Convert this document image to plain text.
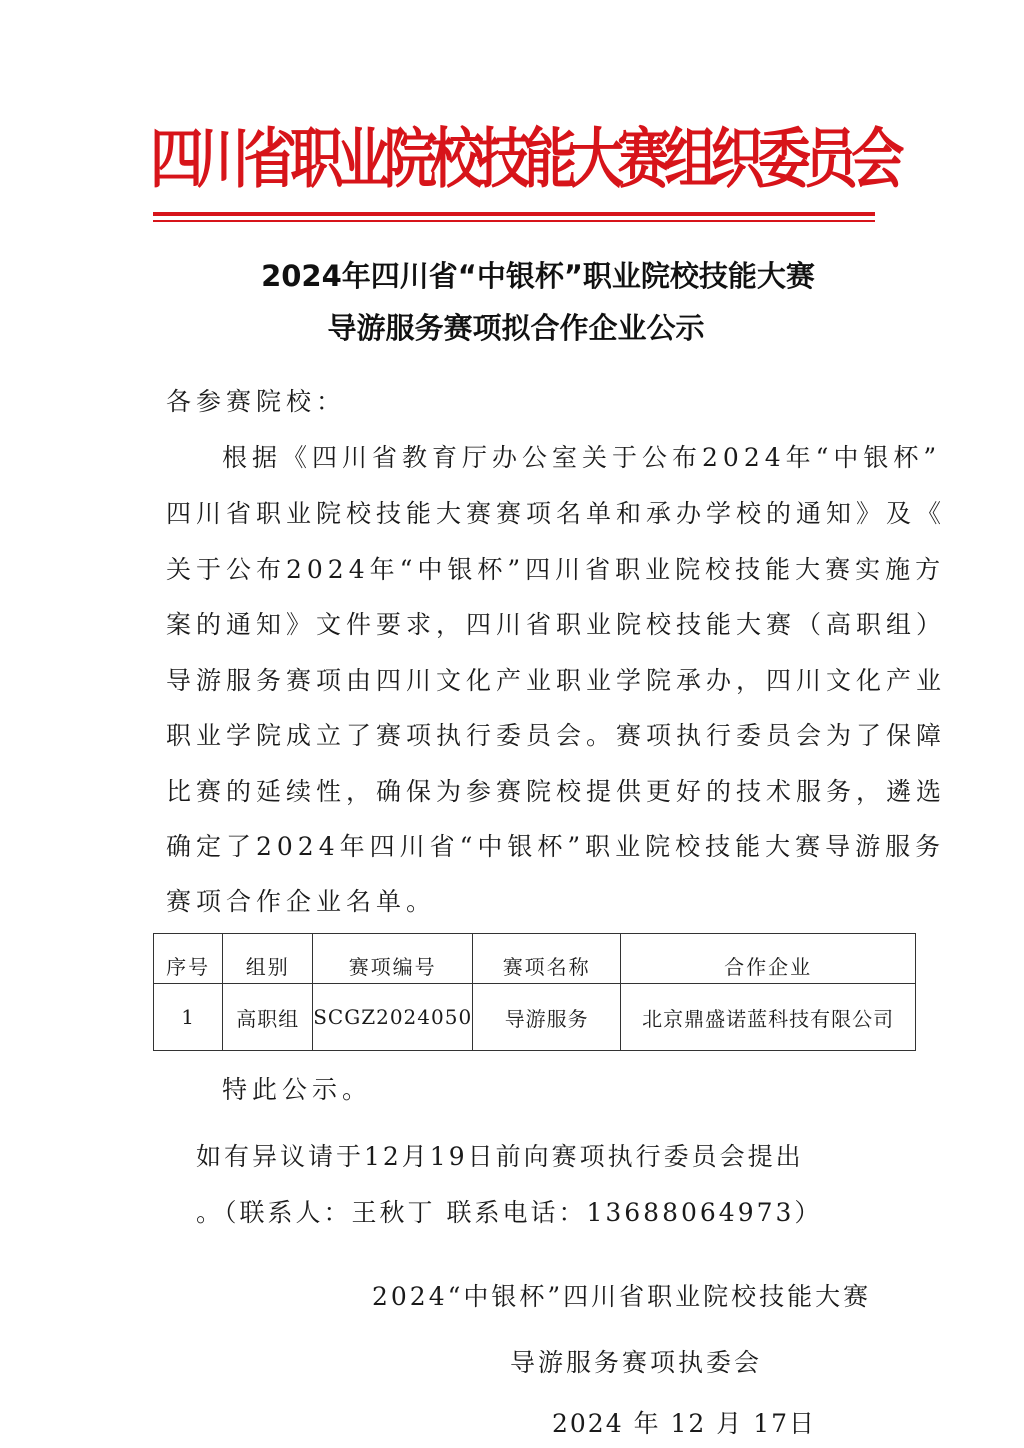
四川省职业院校技能大赛组织委员会
2024年四川省“中银杯”职业院校技能大赛
导游服务赛项拟合作企业公示
各参赛院校：
根据《四川省教育厅办公室关于公布2024年“中银杯”
四川省职业院校技能大赛赛项名单和承办学校的通知》及《
关于公布2024年“中银杯”四川省职业院校技能大赛实施方
案的通知》文件要求，四川省职业院校技能大赛（高职组）
导游服务赛项由四川文化产业职业学院承办，四川文化产业
职业学院成立了赛项执行委员会。赛项执行委员会为了保障
比赛的延续性，确保为参赛院校提供更好的技术服务，遴选
确定了2024年四川省“中银杯”职业院校技能大赛导游服务
赛项合作企业名单。
序号	组别	赛项编号	赛项名称	合作企业
1	高职组	SCGZ2024050	导游服务	北京鼎盛诺蓝科技有限公司
特此公示。
如有异议请于12月19日前向赛项执行委员会提出
。（联系人：王秋丁 联系电话：13688064973）
2024“中银杯”四川省职业院校技能大赛
导游服务赛项执委会
2024 年 12 月 17日
